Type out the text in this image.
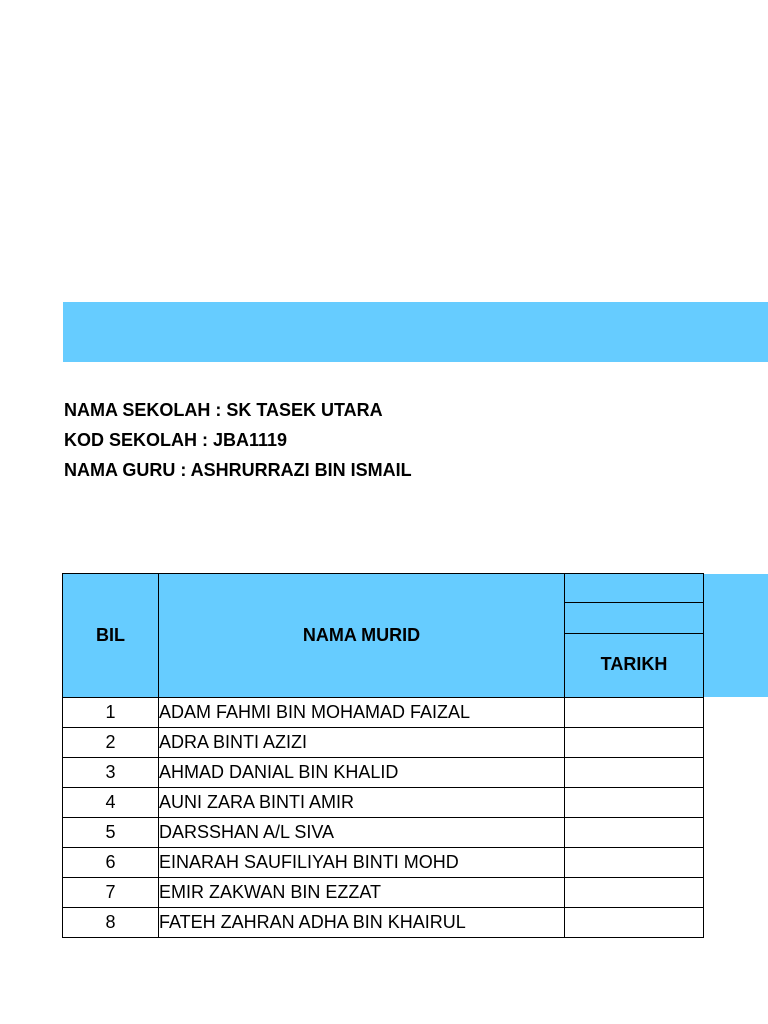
NAMA SEKOLAH : SK TASEK UTARA
KOD SEKOLAH : JBA1119
NAMA GURU : ASHRURRAZI BIN ISMAIL
BIL	NAMA MURID	TARIKH

1	ADAM FAHMI BIN MOHAMAD FAIZAL	
2	ADRA BINTI AZIZI	
3	AHMAD DANIAL BIN KHALID	
4	AUNI ZARA BINTI AMIR	
5	DARSSHAN A/L SIVA	
6	EINARAH SAUFILIYAH BINTI MOHD	
7	EMIR ZAKWAN BIN EZZAT	
8	FATEH ZAHRAN ADHA BIN KHAIRUL	
